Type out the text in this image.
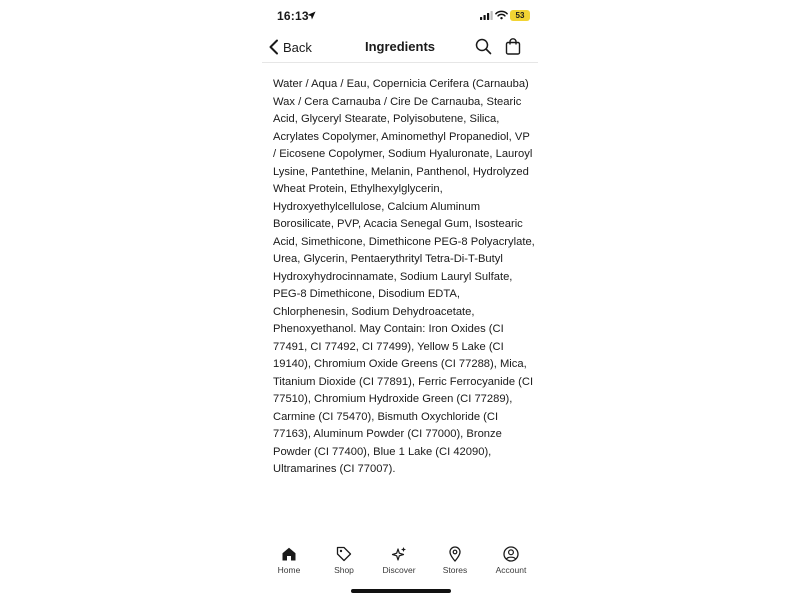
16:13	53
Back	Ingredients

Water / Aqua / Eau, Copernicia Cerifera (Carnauba) Wax / Cera Carnauba / Cire De Carnauba, Stearic Acid, Glyceryl Stearate, Polyisobutene, Silica, Acrylates Copolymer, Aminomethyl Propanediol, VP / Eicosene Copolymer, Sodium Hyaluronate, Lauroyl Lysine, Pantethine, Melanin, Panthenol, Hydrolyzed Wheat Protein, Ethylhexylglycerin, Hydroxyethylcellulose, Calcium Aluminum Borosilicate, PVP, Acacia Senegal Gum, Isostearic Acid, Simethicone, Dimethicone PEG-8 Polyacrylate, Urea, Glycerin, Pentaerythrityl Tetra-Di-T-Butyl Hydroxyhydrocinnamate, Sodium Lauryl Sulfate, PEG-8 Dimethicone, Disodium EDTA, Chlorphenesin, Sodium Dehydroacetate, Phenoxyethanol. May Contain: Iron Oxides (CI 77491, CI 77492, CI 77499), Yellow 5 Lake (CI 19140), Chromium Oxide Greens (CI 77288), Mica, Titanium Dioxide (CI 77891), Ferric Ferrocyanide (CI 77510), Chromium Hydroxide Green (CI 77289), Carmine (CI 75470), Bismuth Oxychloride (CI 77163), Aluminum Powder (CI 77000), Bronze Powder (CI 77400), Blue 1 Lake (CI 42090), Ultramarines (CI 77007).

Home	Shop	Discover	Stores	Account
